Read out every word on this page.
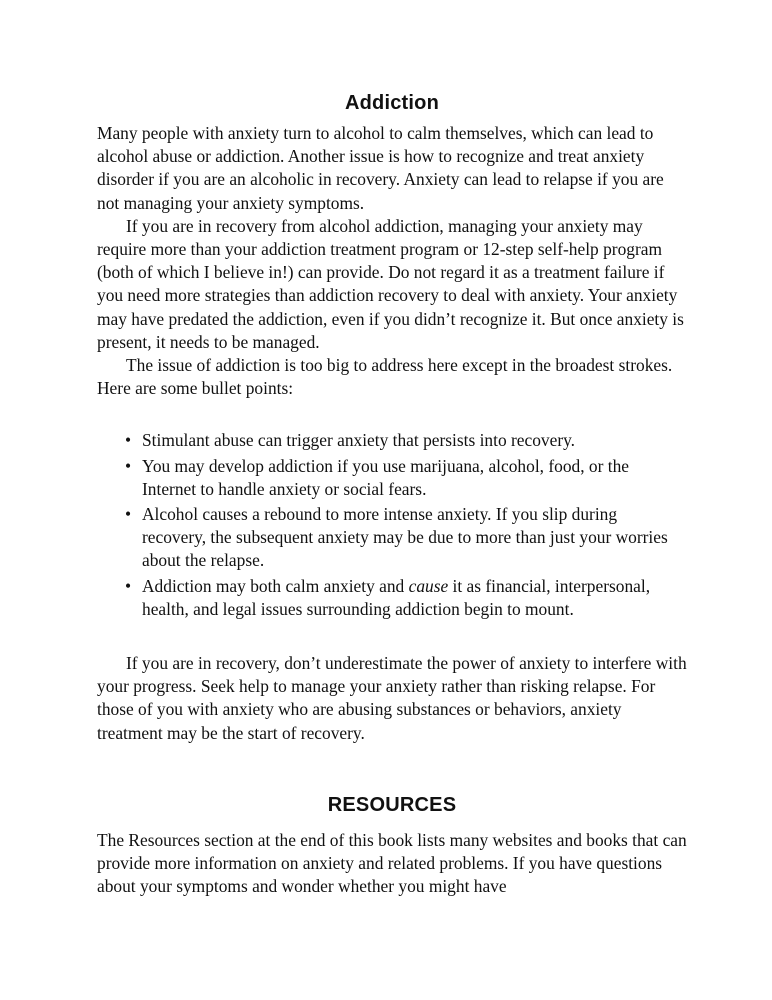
Addiction

Many people with anxiety turn to alcohol to calm themselves, which can lead to alcohol abuse or addiction. Another issue is how to recognize and treat anxiety disorder if you are an alcoholic in recovery. Anxiety can lead to relapse if you are not managing your anxiety symptoms.

If you are in recovery from alcohol addiction, managing your anxiety may require more than your addiction treatment program or 12-step self-help program (both of which I believe in!) can provide. Do not regard it as a treatment failure if you need more strategies than addiction recovery to deal with anxiety. Your anxiety may have predated the addiction, even if you didn’t recognize it. But once anxiety is present, it needs to be managed.

The issue of addiction is too big to address here except in the broadest strokes. Here are some bullet points:

• Stimulant abuse can trigger anxiety that persists into recovery.
• You may develop addiction if you use marijuana, alcohol, food, or the Internet to handle anxiety or social fears.
• Alcohol causes a rebound to more intense anxiety. If you slip during recovery, the subsequent anxiety may be due to more than just your worries about the relapse.
• Addiction may both calm anxiety and cause it as financial, interpersonal, health, and legal issues surrounding addiction begin to mount.

If you are in recovery, don’t underestimate the power of anxiety to interfere with your progress. Seek help to manage your anxiety rather than risking relapse. For those of you with anxiety who are abusing substances or behaviors, anxiety treatment may be the start of recovery.

RESOURCES

The Resources section at the end of this book lists many websites and books that can provide more information on anxiety and related problems. If you have questions about your symptoms and wonder whether you might have
